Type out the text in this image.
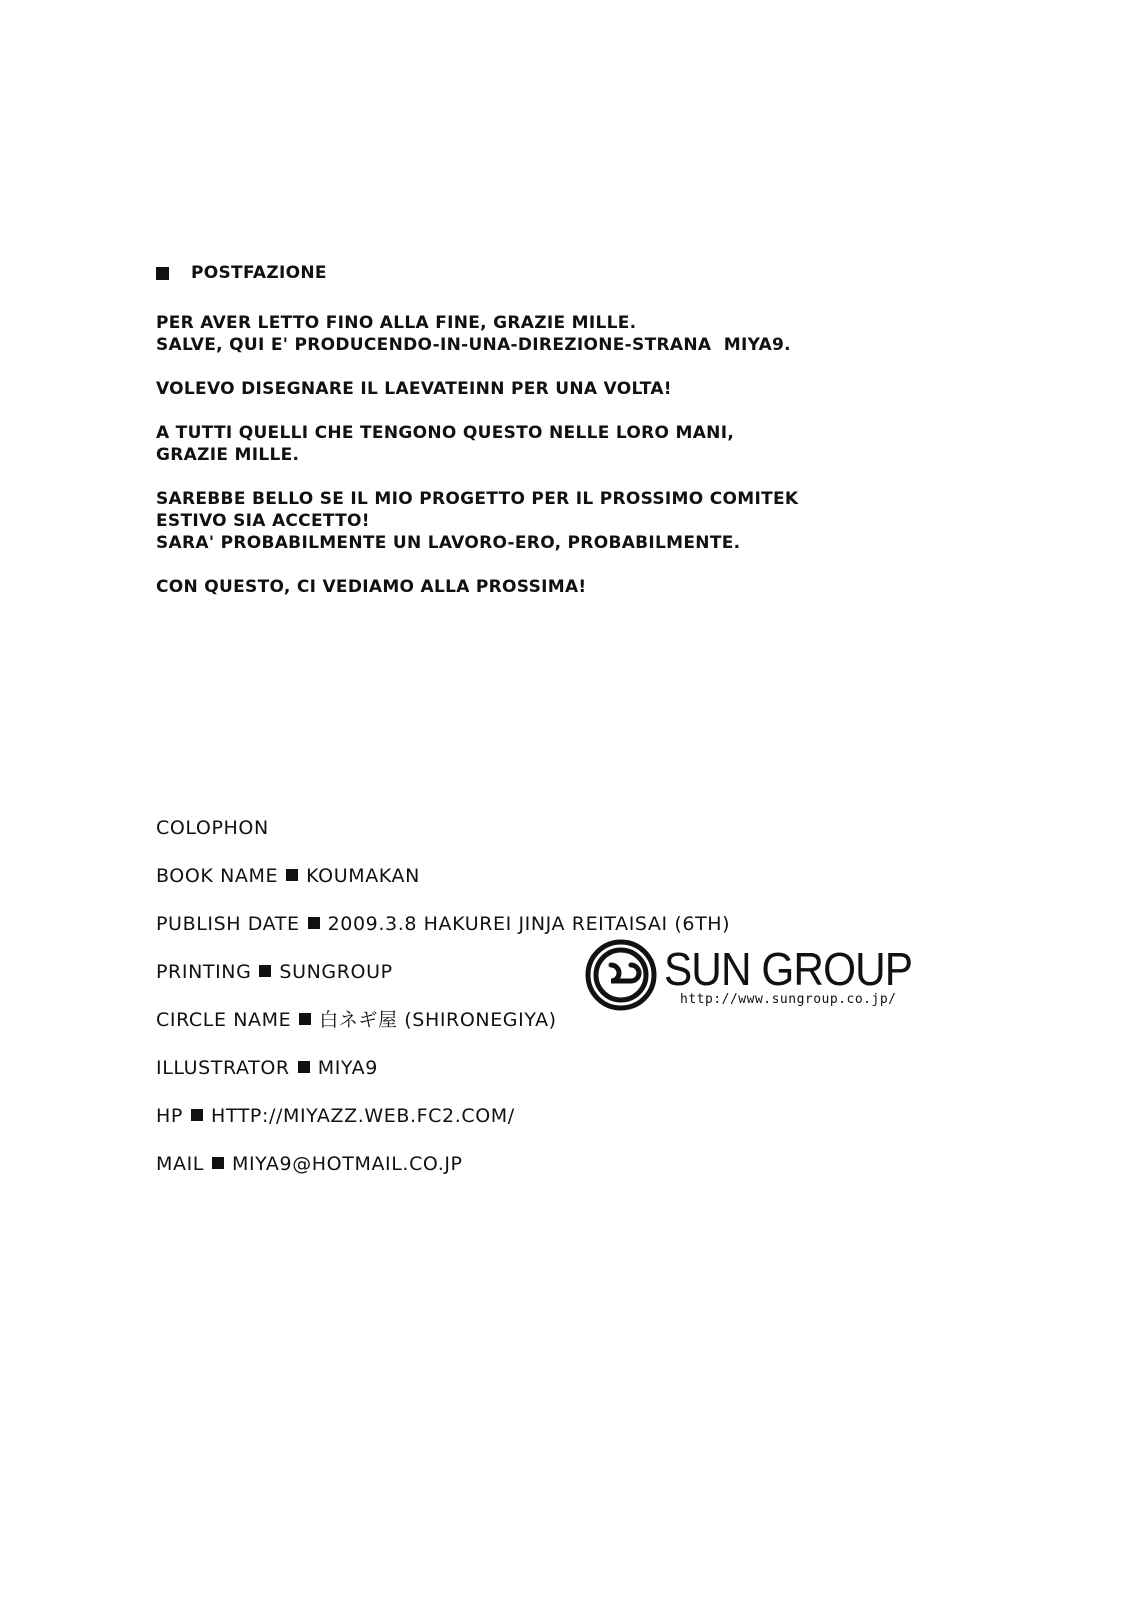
POSTFAZIONE
PER AVER LETTO FINO ALLA FINE, GRAZIE MILLE.
SALVE, QUI E' PRODUCENDO-IN-UNA-DIREZIONE-STRANA  MIYA9.
VOLEVO DISEGNARE IL LAEVATEINN PER UNA VOLTA!
A TUTTI QUELLI CHE TENGONO QUESTO NELLE LORO MANI,
GRAZIE MILLE.
SAREBBE BELLO SE IL MIO PROGETTO PER IL PROSSIMO COMITEK
ESTIVO SIA ACCETTO!
SARA' PROBABILMENTE UN LAVORO-ERO, PROBABILMENTE.
CON QUESTO, CI VEDIAMO ALLA PROSSIMA!
COLOPHON
BOOK NAME KOUMAKAN
PUBLISH DATE 2009.3.8 HAKUREI JINJA REITAISAI (6TH)
PRINTING SUNGROUP
CIRCLE NAME 白ネギ屋 (SHIRONEGIYA)
ILLUSTRATOR MIYA9
HP HTTP://MIYAZZ.WEB.FC2.COM/
MAIL MIYA9@HOTMAIL.CO.JP
SUN GROUP
http://www.sungroup.co.jp/
